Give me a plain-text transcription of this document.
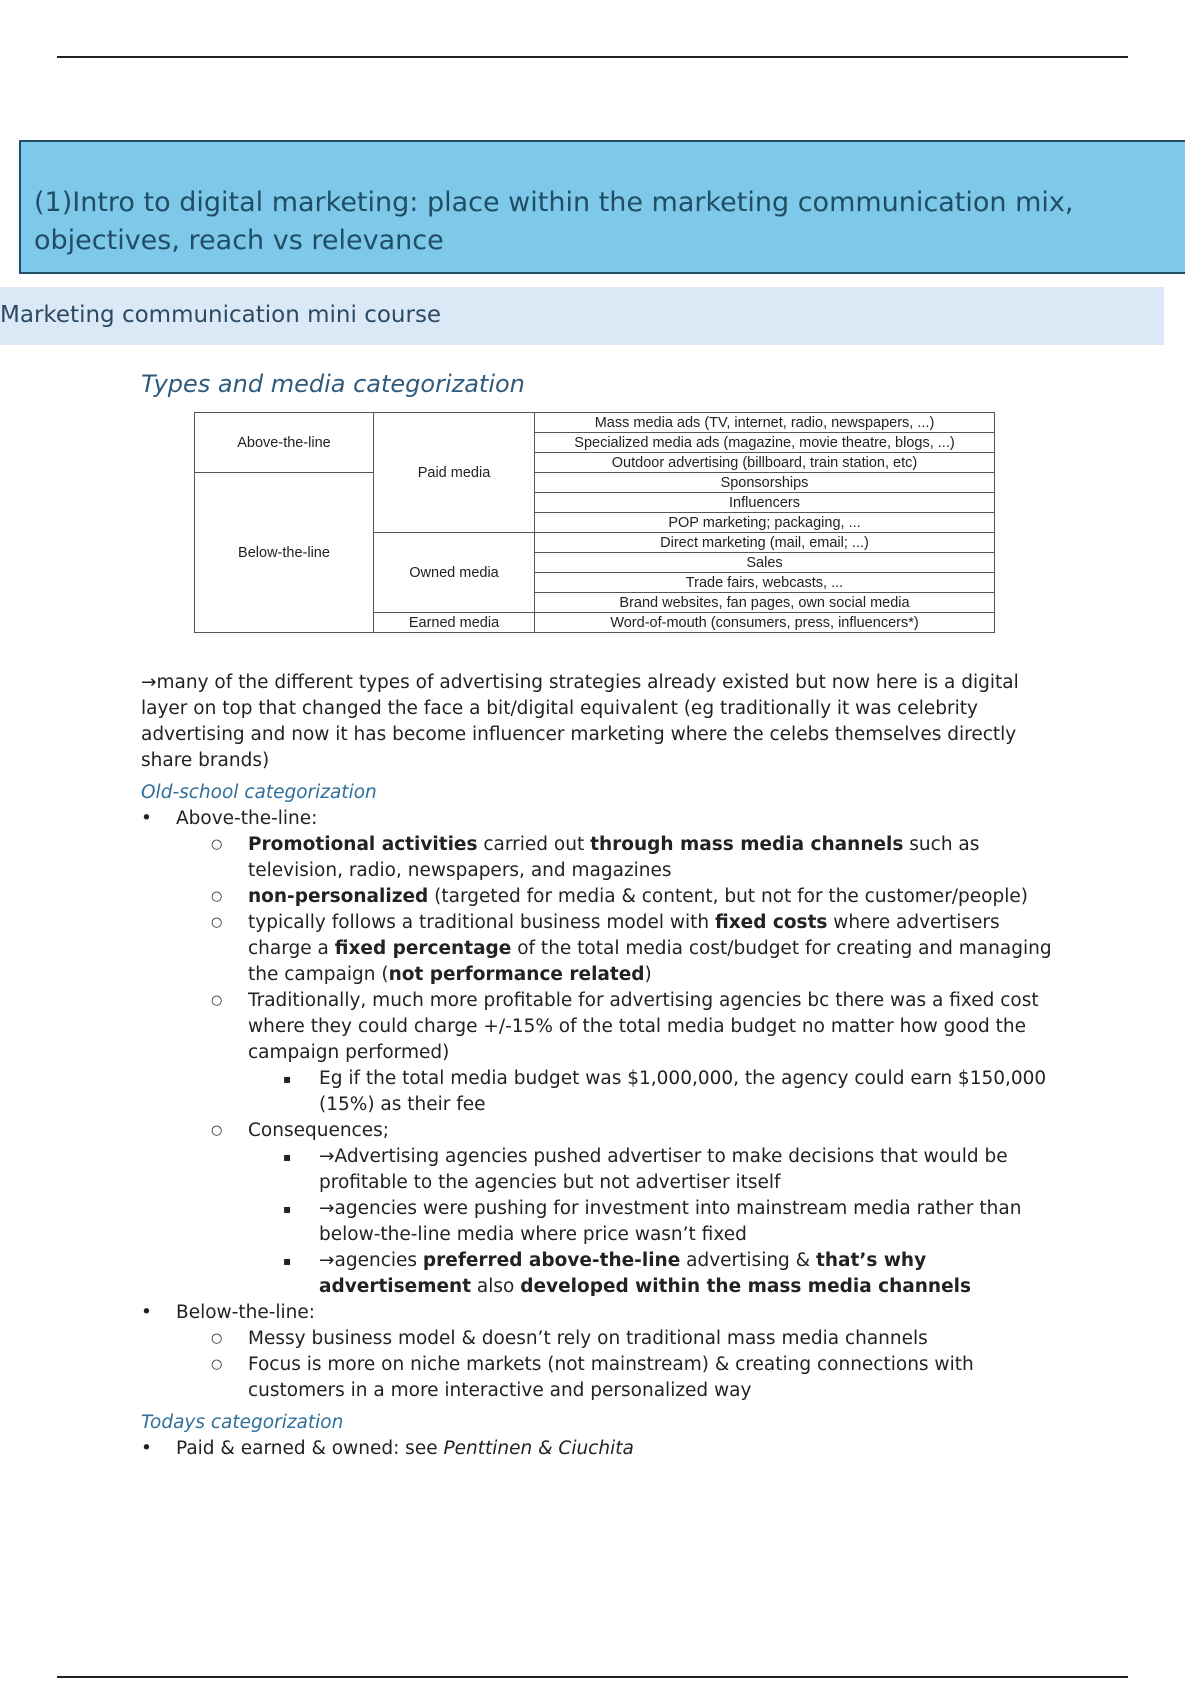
(1)Intro to digital marketing: place within the marketing communication mix, objectives, reach vs relevance
Marketing communication mini course
Types and media categorization
Above-the-line	Paid media	Mass media ads (TV, internet, radio, newspapers, ...)
		Specialized media ads (magazine, movie theatre, blogs, ...)
		Outdoor advertising (billboard, train station, etc)
Below-the-line		Sponsorships
		Influencers
		POP marketing; packaging, ...
	Owned media	Direct marketing (mail, email; ...)
		Sales
		Trade fairs, webcasts, ...
		Brand websites, fan pages, own social media
	Earned media	Word-of-mouth (consumers, press, influencers*)

→many of the different types of advertising strategies already existed but now here is a digital layer on top that changed the face a bit/digital equivalent (eg traditionally it was celebrity advertising and now it has become influencer marketing where the celebs themselves directly share brands)

Old-school categorization

• Above-the-line:
○ Promotional activities carried out through mass media channels such as television, radio, newspapers, and magazines
○ non-personalized (targeted for media & content, but not for the customer/people)
○ typically follows a traditional business model with fixed costs where advertisers charge a fixed percentage of the total media cost/budget for creating and managing the campaign (not performance related)
○ Traditionally, much more profitable for advertising agencies bc there was a fixed cost where they could charge +/-15% of the total media budget no matter how good the campaign performed)
▪ Eg if the total media budget was $1,000,000, the agency could earn $150,000 (15%) as their fee
○ Consequences;
▪ →Advertising agencies pushed advertiser to make decisions that would be profitable to the agencies but not advertiser itself
▪ →agencies were pushing for investment into mainstream media rather than below-the-line media where price wasn’t fixed
▪ →agencies preferred above-the-line advertising & that’s why advertisement also developed within the mass media channels
• Below-the-line:
○ Messy business model & doesn’t rely on traditional mass media channels
○ Focus is more on niche markets (not mainstream) & creating connections with customers in a more interactive and personalized way

Todays categorization

• Paid & earned & owned: see Penttinen & Ciuchita
